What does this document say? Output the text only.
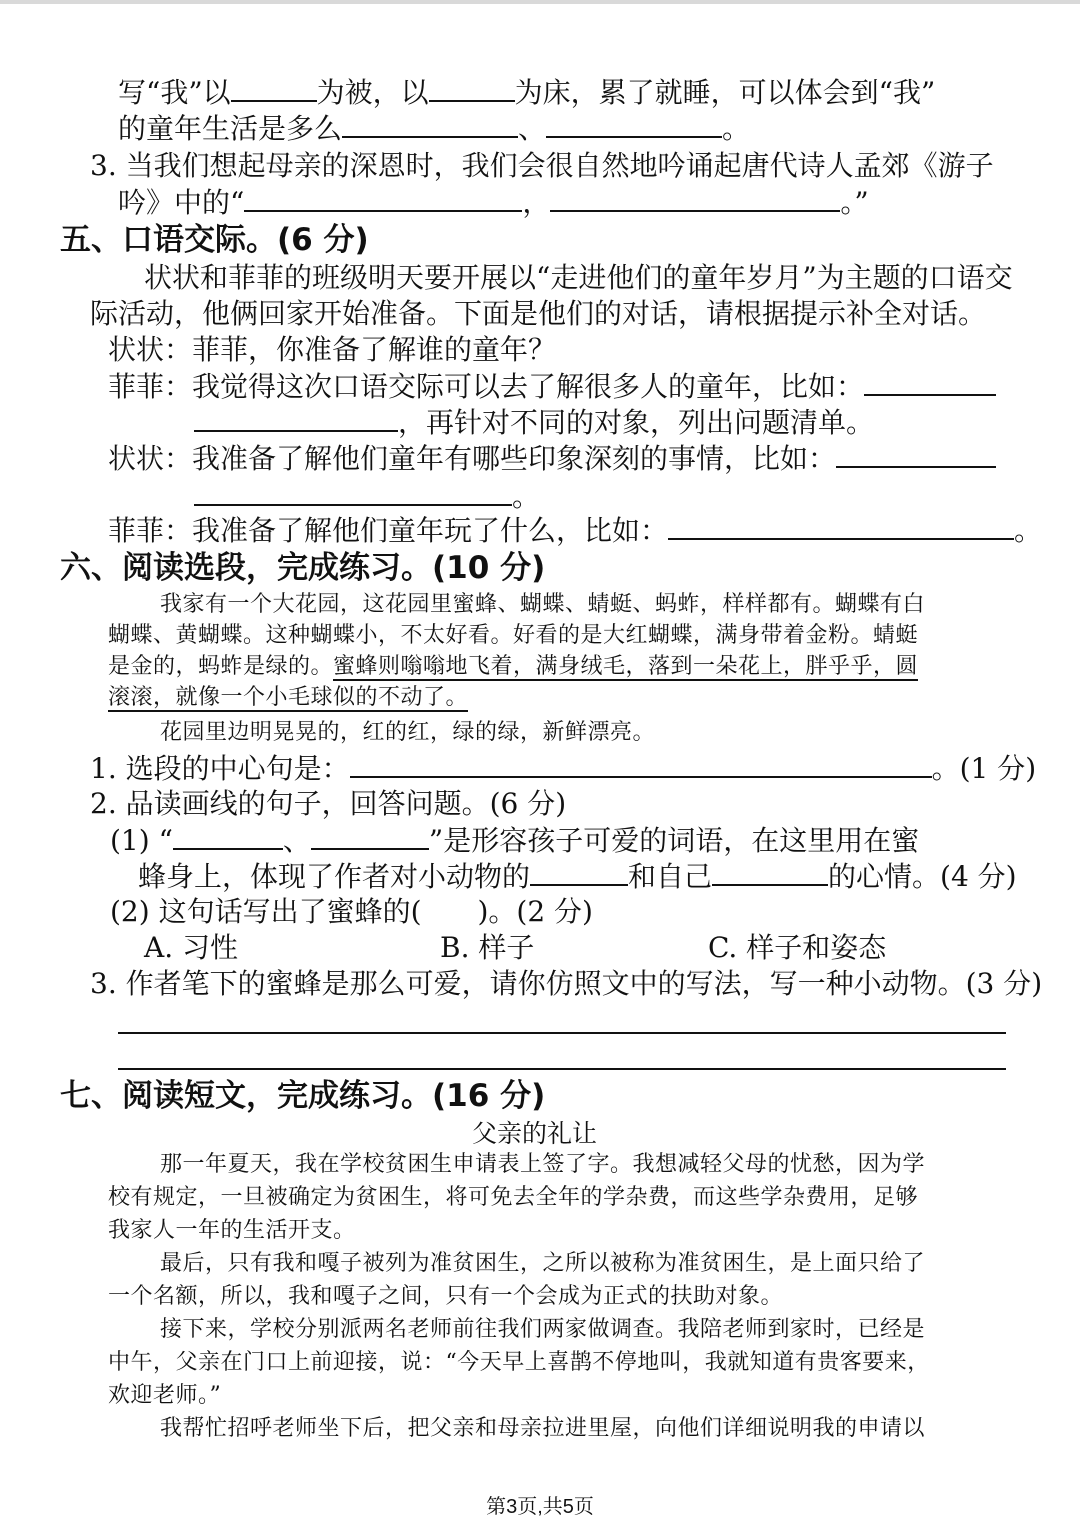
写“我”以	为被，以	为床，累了就睡，可以体会到“我”
的童年生活是多么	、	。
3. 当我们想起母亲的深恩时，我们会很自然地吟诵起唐代诗人孟郊《游子
吟》中的“	，	。”
五、口语交际。(6 分)
状状和菲菲的班级明天要开展以“走进他们的童年岁月”为主题的口语交
际活动，他俩回家开始准备。下面是他们的对话，请根据提示补全对话。
状状：菲菲，你准备了解谁的童年？
菲菲：我觉得这次口语交际可以去了解很多人的童年，比如：
，再针对不同的对象，列出问题清单。
状状：我准备了解他们童年有哪些印象深刻的事情，比如：
。
菲菲：我准备了解他们童年玩了什么，比如：	。
六、阅读选段，完成练习。(10 分)
我家有一个大花园，这花园里蜜蜂、蝴蝶、蜻蜓、蚂蚱，样样都有。蝴蝶有白
蝴蝶、黄蝴蝶。这种蝴蝶小，不太好看。好看的是大红蝴蝶，满身带着金粉。蜻蜓
是金的，蚂蚱是绿的。蜜蜂则嗡嗡地飞着，满身绒毛，落到一朵花上，胖乎乎，圆
滚滚，就像一个小毛球似的不动了。
花园里边明晃晃的，红的红，绿的绿，新鲜漂亮。
1. 选段的中心句是：	。(1 分)
2. 品读画线的句子，回答问题。(6 分)
(1) “	、	”是形容孩子可爱的词语，在这里用在蜜
蜂身上，体现了作者对小动物的	和自己	的心情。(4 分)
(2) 这句话写出了蜜蜂的(　　)。(2 分)
A. 习性	B. 样子	C. 样子和姿态
3. 作者笔下的蜜蜂是那么可爱，请你仿照文中的写法，写一种小动物。(3 分)
七、阅读短文，完成练习。(16 分)
父亲的礼让
那一年夏天，我在学校贫困生申请表上签了字。我想减轻父母的忧愁，因为学
校有规定，一旦被确定为贫困生，将可免去全年的学杂费，而这些学杂费用，足够
我家人一年的生活开支。
最后，只有我和嘎子被列为准贫困生，之所以被称为准贫困生，是上面只给了
一个名额，所以，我和嘎子之间，只有一个会成为正式的扶助对象。
接下来，学校分别派两名老师前往我们两家做调查。我陪老师到家时，已经是
中午，父亲在门口上前迎接，说：“今天早上喜鹊不停地叫，我就知道有贵客要来，
欢迎老师。”
我帮忙招呼老师坐下后，把父亲和母亲拉进里屋，向他们详细说明我的申请以
第3页,共5页
